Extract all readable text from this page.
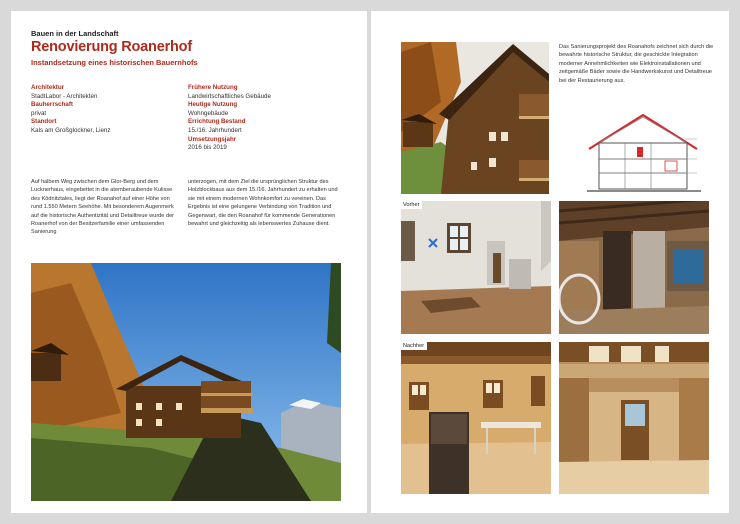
Bauen in der Landschaft
Renovierung Roanerhof
Instandsetzung eines historischen Bauernhofs
Architektur
StadtLabor - Architekten
Bauherrschaft
privat
Standort
Kals am Großglockner, Lienz
Frühere Nutzung
Landwirtschaftliches Gebäude
Heutige Nutzung
Wohngebäude
Errichtung Bestand
15./16. Jahrhundert
Umsetzungsjahr
2016 bis 2019
Auf halbem Weg zwischen dem Glor-Berg und dem Lucknerhaus, eingebettet in die atemberaubende Kulisse des Ködnitztales, liegt der Roanahof auf einer Höhe von rund 1.550 Metern Seehöhe. Mit besonderem Augenmerk auf die historische Authentizität und Detailtreue wurde der Roanerhof von der Besitzerfamilie einer umfassenden Sanierung
unterzogen, mit dem Ziel die ursprünglichen Struktur des Holzblockbaus aus dem 15./16. Jahrhundert zu erhalten und sie mit einem modernen Wohnkomfort zu vereinen. Das Ergebnis ist eine gelungene Verbindung von Tradition und Gegenwart, die den Roanahof für kommende Generationen bewahrt und gleichzeitig als lebenswertes Zuhause dient.
Das Sanierungsprojekt des Roanahofs zeichnet sich durch die bewahrte historische Struktur, die geschickte Integration moderner Annehmlichkeiten wie Elektroinstallationen und zeitgemäße Bäder sowie die Handwerkskunst und Detailtreue bei der Restaurierung aus.
Vorher
Nachher
